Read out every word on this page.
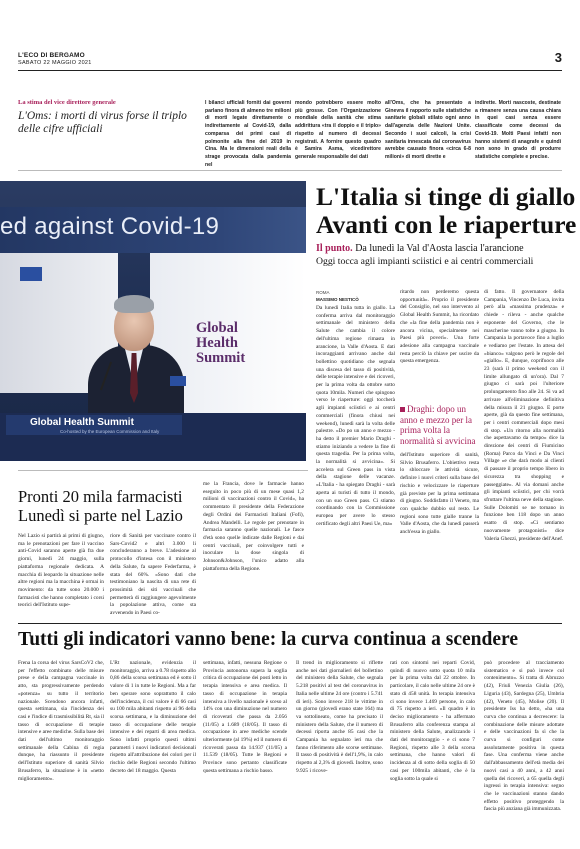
L'ECO DI BERGAMO
SABATO 22 MAGGIO 2021	3
La stima del vice direttore generale
L'Oms: i morti di virus forse il triplo delle cifre ufficiali
I bilanci ufficiali forniti dai governi parlano finora di almeno tre milioni di morti legate direttamente o indirettamente al Covid-19, dalla comparsa dei primi casi di polmonite alla fine del 2019 in Cina. Ma le dimensioni reali della strage provocata dalla pandemia nel
mondo potrebbero essere molto più grosse. Con l'Organizzazione mondiale della sanità che stima addirittura «tra il doppio e il triplo» rispetto al numero di decessi registrati. A fornire questo quadro è Samira Asma, vicedirettore generale responsabile dei dati
all'Oms, che ha presentato a Ginevra il rapporto sulle statistiche sanitarie globali stilato ogni anno dall'agenzia delle Nazioni Unite. Secondo i suoi calcoli, la crisi sanitaria innescata dal coronavirus avrebbe causato finora «circa 6-8 milioni» di morti dirette e
indirette. Morti nascoste, destinate a rimanere senza una causa chiara in quei casi senza essere classificate come decessi da Covid-19. Molti Paesi infatti non hanno sistemi di anagrafe e quindi non sono in grado di produrre statistiche complete e precise.
ed against Covid-19
Global
Health
Summit
Global Health Summit
Co-hosted by the European Commission and Italy
L'Italia si tinge di giallo
Avanti con le riaperture
Il punto. Da lunedì la Val d'Aosta lascia l'arancione
Oggi tocca agli impianti sciistici e ai centri commerciali
ROMA
MASSIMO NESTICÒ
Da lunedì Italia tutta in giallo. La conferma arriva dal monitoraggio settimanale del ministero della Salute che cambia il colore dell'ultima regione rimasta in arancione, la Valle d'Aosta. E dati incoraggianti arrivano anche dal bollettino quotidiano che segnala una discesa del tasso di positività, delle terapie intensive e dei ricoveri, per la prima volta da ottobre sotto quota 10mila. Numeri che spingono verso le riaperture: oggi toccherà agli impianti sciistici e ai centri commerciali (finora chiusi nei weekend), lunedì sarà la volta delle palestre. «Do po un anno e mezzo - ha detto il premier Mario Draghi - stiamo iniziando a vedere la fine di questa tragedia. Per la prima volta, la normalità si avvicina». Si accelera sul Green pass in vista della stagione delle vacanze. «L'Italia - ha spiegato Draghi - sarà aperta ai turisti di tutto il mondo, con un suo Green pass. Ci stiamo coordinando con la Commissione europea per avere lo stesso certificato degli altri Paesi Ue, ma»
ritardo non perderemo questa opportunità». Proprio il presidente del Consiglio, nel suo intervento al Global Health Summit, ha ricordato che «la fine della pandemia non è ancora vicina, specialmente nei Paesi più poveri». Una forte adesione alla campagna vaccinale resta perciò la chiave per uscire da questa emergenza.
Draghi: dopo un anno e mezzo per la prima volta la normalità si avvicina
dell'Istituto superiore di sanità, Silvio Brusaferro. L'obiettivo resta lo sbloccare le attività sicure, definire i nuovi criteri sulla base del rischio e velocizzare le riaperture già previste per la prima settimana di giugno. Soddisfatto il Veneto, ma con qualche dubbio sul resto. Le regioni sono tutte gialle tranne la Valle d'Aosta, che da lunedì passerà anch'essa in giallo.
di fatto. Il governatore della Campania, Vincenzo De Luca, invita però alla «massima prudenza» e chiede - rileva - anche qualche esponente del Governo, che le mascherine vanno tolte a giugno. In Campania la portavoce fino a luglio e vediamo per l'estate. In attesa del «bianco» valgono però le regole del «giallo». E, dunque, coprifuoco alle 23 (sarà il primo weekend con il limite allungato di un'ora). Dal 7 giugno ci sarà poi l'ulteriore prolungamento fino alle 24. Si va ad arrivare all'eliminazione definitiva della misura il 21 giugno. E porte aperte, già da questo fine settimana, per i centri commerciali dopo mesi di stop. «Un ritorno alla normalità che aspettavamo da tempo» dice la direzione dei centri di Fiumicino (Roma) Parco da Vinci e Da Vinci Village «e che darà modo ai clienti di passare il proprio tempo libero in sicurezza tra shopping e passeggiate». Al via domani anche gli impianti sciistici, per chi vorrà sfruttare l'ultima neve della stagione. Sulle Dolomiti se ne tornano in funzione ben 118 dopo un anno esatto di stop. «Ci sentiamo nuovamente protagonisti» dice Valeria Ghezzi, presidente dell'Anef.
Pronti 20 mila farmacisti
Lunedì si parte nel Lazio
Nel Lazio si partirà ai primi di giugno, ma le prenotazioni per fare il vaccino anti-Covid saranno aperte già fra due giorni, lunedì 24 maggio, sulla piattaforma regionale dedicata. A macchia di leopardo la situazione nelle altre regioni ma la macchina è ormai in movimento: da tutte sono 20.000 i farmacisti che hanno completato i corsi teorici dell'Istituto supe-
riore di Sanità per vaccinare contro il Sars-Covid2 e altri 3.000 li concluderanno a breve. L'adesione al protocollo d'intesa con il ministero della Salute, fa sapere Federfarma, è stata del 60%. «Sono dati che testimoniano la nascita di una rete di prossimità dei siti vaccinali che permetterà di raggiungere agevolmente la popolazione attiva, come sta avvenendo in Paesi co-
me la Francia, dove le farmacie hanno eseguito in poco più di un mese quasi 1,2 milioni di vaccinazioni contro il Covid», ha commentato il presidente della Federazione degli Ordini dei Farmacisti Italiani (Fofi), Andrea Mandelli. Le regole per prenotare in farmacia saranno quelle nazionali. Le fasce d'età sono quelle indicate dalle Regioni e dai centri vaccinali, per coinvolgere tutti e inoculare la dose singola di Johnson&Johnson, l'unico adatto alla piattaforma della Regione.
Tutti gli indicatori vanno bene: la curva continua a scendere
Frena la corsa del virus SarsCoV2 che, per l'effetto combinato delle misure prese e della campagna vaccinale in atto, sta progressivamente perdendo «potenza» su tutto il territorio nazionale. Scendono ancora infatti, questa settimana, sia l'incidenza dei casi e l'indice di trasmissibilità Rt, sia il tasso di occupazione di terapie intensive e aree mediche. Sulla base dei dati dell'ultimo monitoraggio settimanale della Cabina di regia dunque, ha riassunto il presidente dell'Istituto superiore di sanità Silvio Brusaferro, la situazione è in «netto miglioramento».
L'Rt nazionale, evidenzia il monitoraggio, arriva a 0.78 rispetto allo 0,86 della scorsa settimana ed è sotto il valore di 1 in tutte le Regioni. Ma a far ben sperare sono soprattutto il calo dell'incidenza, il cui valore è di 66 casi su 100 mila abitanti rispetto ai 96 della scorsa settimana, e la diminuzione del tasso di occupazione delle terapie intensive e dei reparti di area medica. Sono infatti proprio questi ultimi parametri i nuovi indicatori decisionali rispetto all'attribuzione dei colori per il rischio delle Regioni secondo l'ultimo decreto del 18 maggio. Questa
settimana, infatti, nessuna Regione o Provincia autonoma supera la soglia critica di occupazione dei posti letto in terapia intensiva e area medica. Il tasso di occupazione in terapia intensiva a livello nazionale è sceso al 14% con una diminuzione nel numero di ricoverati che passa da 2.056 (11/05) a 1.689 (18/05). Il tasso di occupazione in aree mediche scende ulteriormente (al 19%) ed il numero di ricoverati passa da 14.937 (11/05) a 11.539 (18/05). Tutte le Regioni e Province sono pertanto classificate questa settimana a rischio basso.
Il trend in miglioramento si riflette anche nei dati giornalieri del bollettino del ministero della Salute, che segnala 5.218 positivi al test del coronavirus in Italia nelle ultime 24 ore (contro i 5.741 di ieri). Sono invece 218 le vittime in un giorno (giovedì erano state 164) ma va sottolineato, come ha precisato il ministero della Salute, che il numero di decessi riporta anche 85 casi che la Campania ha segnalato ieri ma che fanno riferimento alle scorse settimane. Il tasso di positività è dell'1,9%, in calo rispetto al 2,3% di giovedì. Inoltre, sono 9.925 i ricove-
rati con sintomi nei reparti Covid, quindi di nuovo sotto quota 10 mila per la prima volta dal 22 ottobre. In particolare, il calo nelle ultime 24 ore è stato di 458 unità. In terapia intensiva ci sono invece 1.469 persone, in calo di 75 rispetto a ieri. «Il quadro è in deciso miglioramento - ha affermato Brusaferro alla conferenza stampa al ministero della Salute, analizzando i dati del monitoraggio - e ci sono 7 Regioni, rispetto alle 3 della scorsa settimana, che hanno valori di incidenza al di sotto della soglia di 50 casi per 100mila abitanti, che è la soglia sotto la quale si
può procedere al tracciamento sistematico e si può invece col contenimento». Si tratta di Abruzzo (42), Friuli Venezia Giulia (26), Liguria (43), Sardegna (25), Umbria (42), Veneto (45), Molise (20). Il presidente Iss ha detto, «ha una curva che continua a decrescere: la combinazione delle misure adottate e delle vaccinazioni fa sì che la curva si configuri come assolutamente positiva in questa fase. Una conferma viene anche dall'abbassamento dell'età media dei nuovi casi a 40 anni, a 42 anni quella dei ricoveri, a 65 quella degli ingressi in terapia intensiva: segno che le vaccinazioni stanno dando effetto positivo proteggendo la fascia più anziana già immunizzata.
